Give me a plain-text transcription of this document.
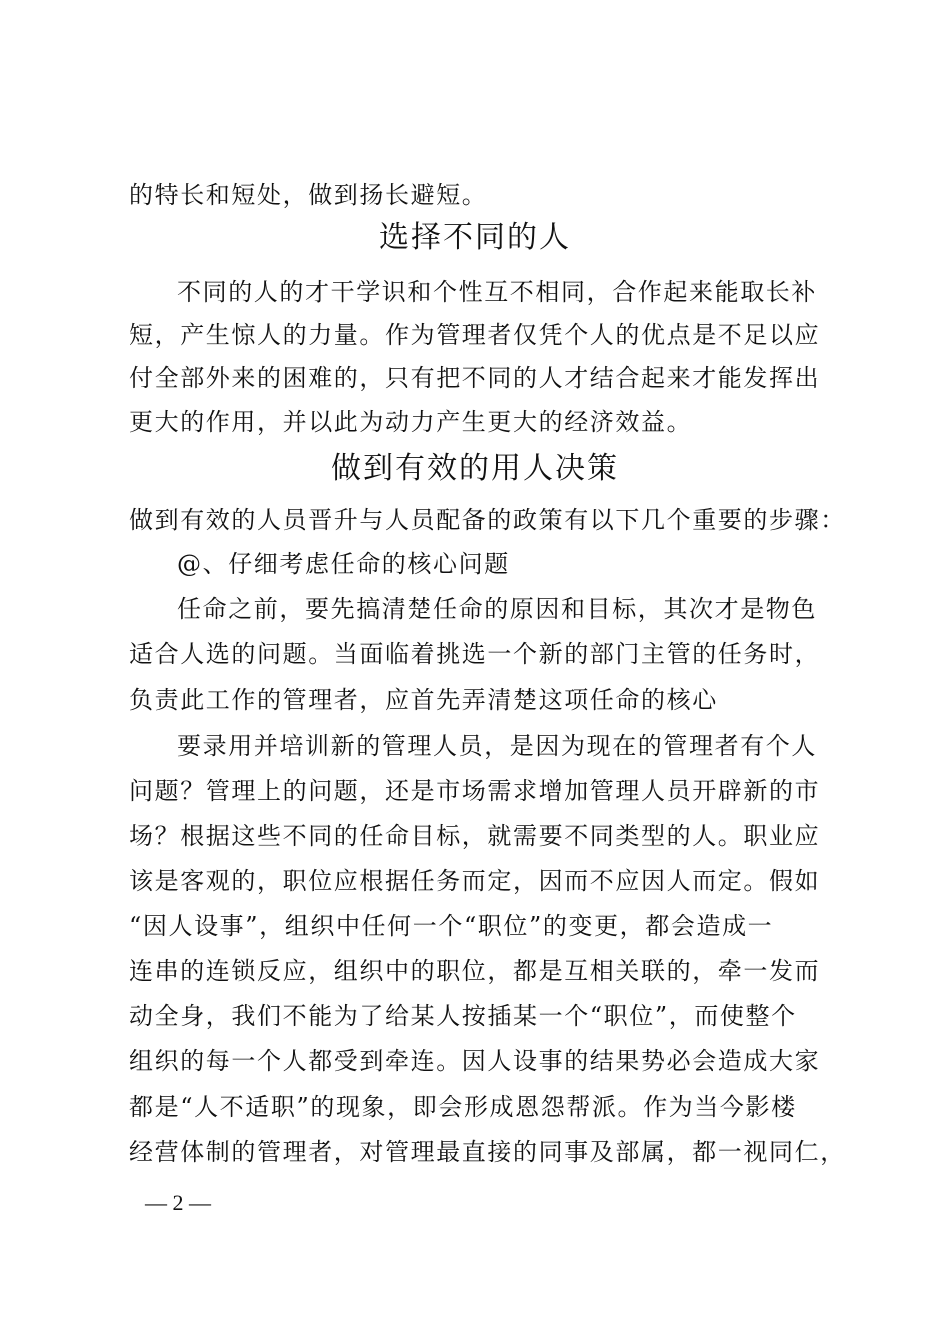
的特长和短处，做到扬长避短。
选择不同的人
不同的人的才干学识和个性互不相同，合作起来能取长补
短，产生惊人的力量。作为管理者仅凭个人的优点是不足以应
付全部外来的困难的，只有把不同的人才结合起来才能发挥出
更大的作用，并以此为动力产生更大的经济效益。
做到有效的用人决策
做到有效的人员晋升与人员配备的政策有以下几个重要的步骤：
@、仔细考虑任命的核心问题
任命之前，要先搞清楚任命的原因和目标，其次才是物色
适合人选的问题。当面临着挑选一个新的部门主管的任务时，
负责此工作的管理者，应首先弄清楚这项任命的核心
要录用并培训新的管理人员，是因为现在的管理者有个人
问题？管理上的问题，还是市场需求增加管理人员开辟新的市
场？根据这些不同的任命目标，就需要不同类型的人。职业应
该是客观的，职位应根据任务而定，因而不应因人而定。假如
“因人设事”，组织中任何一个“职位”的变更，都会造成一
连串的连锁反应，组织中的职位，都是互相关联的，牵一发而
动全身，我们不能为了给某人按插某一个“职位”，而使整个
组织的每一个人都受到牵连。因人设事的结果势必会造成大家
都是“人不适职”的现象，即会形成恩怨帮派。作为当今影楼
经营体制的管理者，对管理最直接的同事及部属，都一视同仁，
— 2 —
